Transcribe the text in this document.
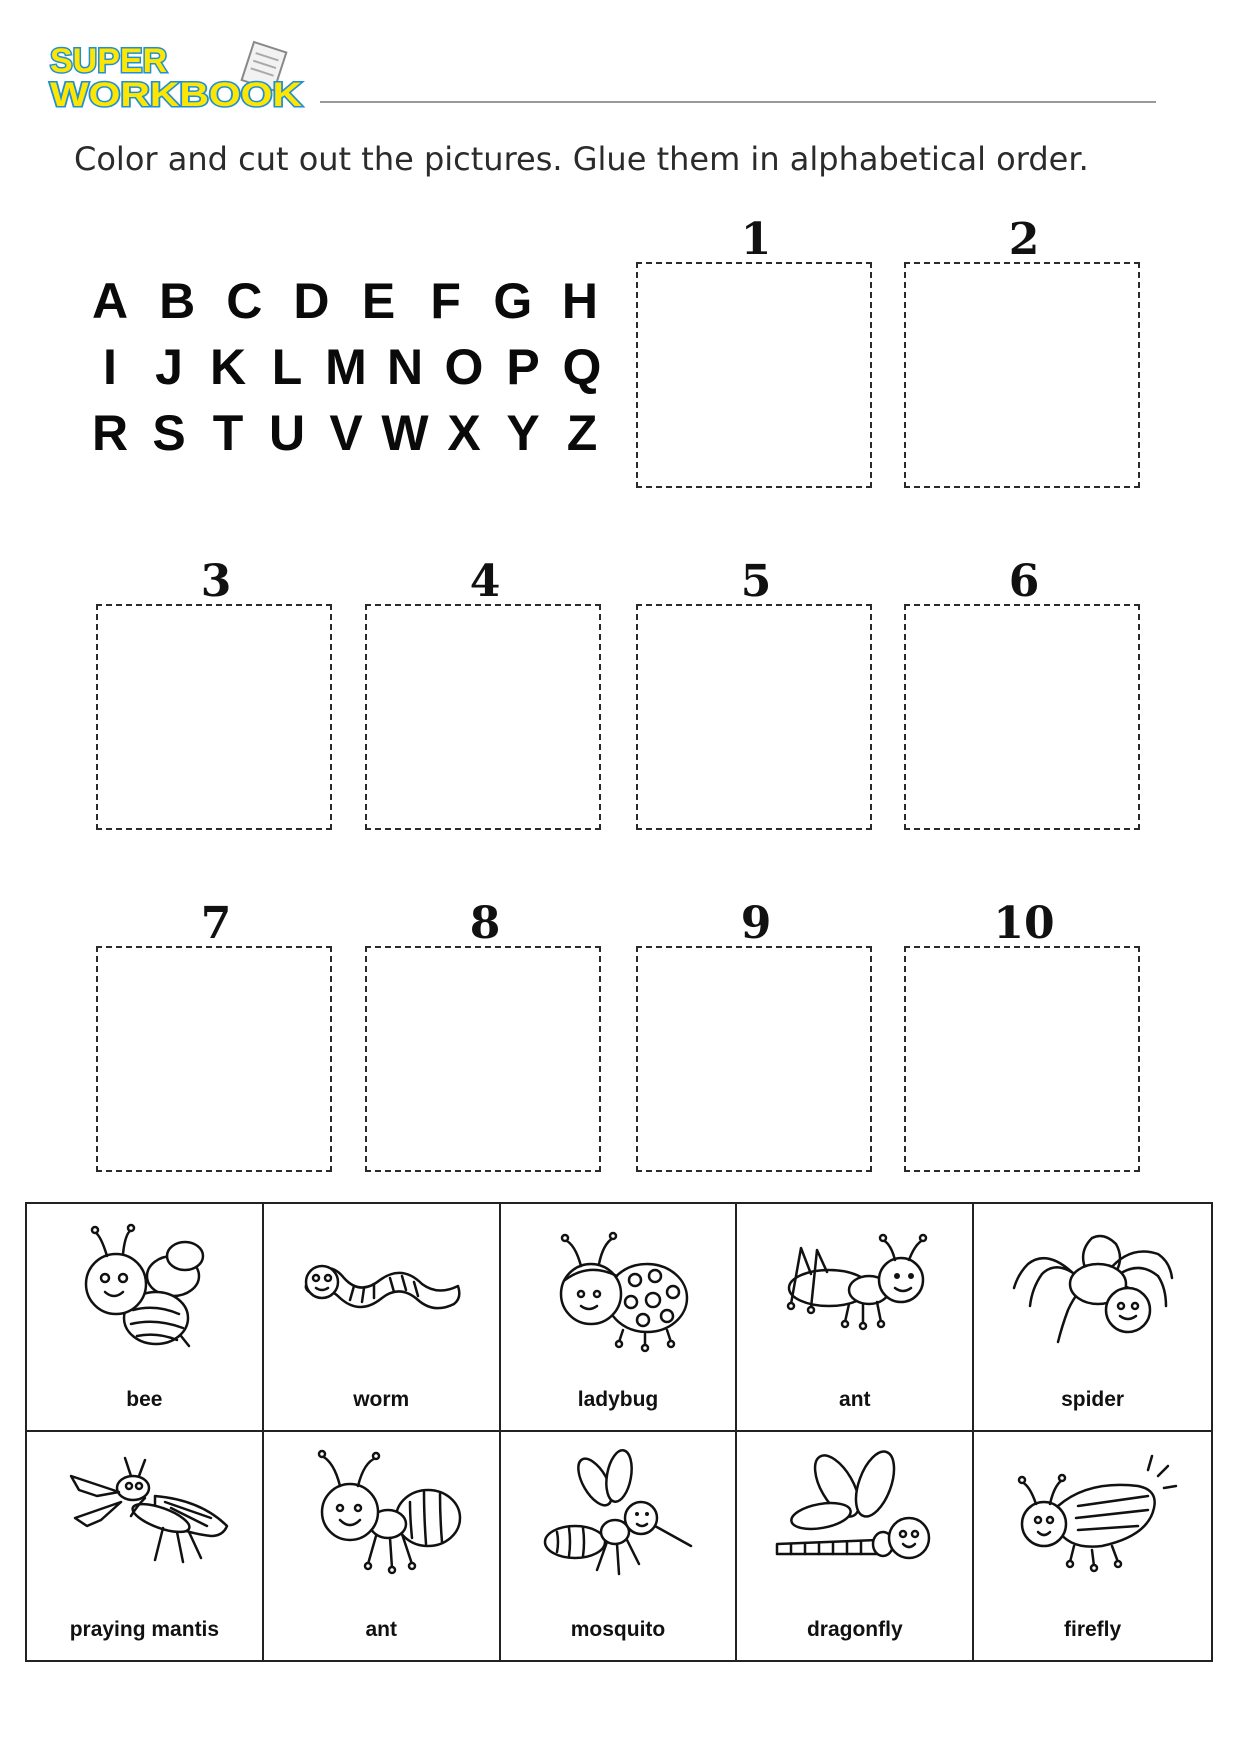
SUPER
WORKBOOK
Color and cut out the pictures. Glue them in alphabetical order.
A B C D E F G H
I J K L M N O P Q
R S T U V W X Y Z
1	2
3	4	5	6
7	8	9	10
bee	worm	ladybug	ant	spider
praying mantis	ant	mosquito	dragonfly	firefly
